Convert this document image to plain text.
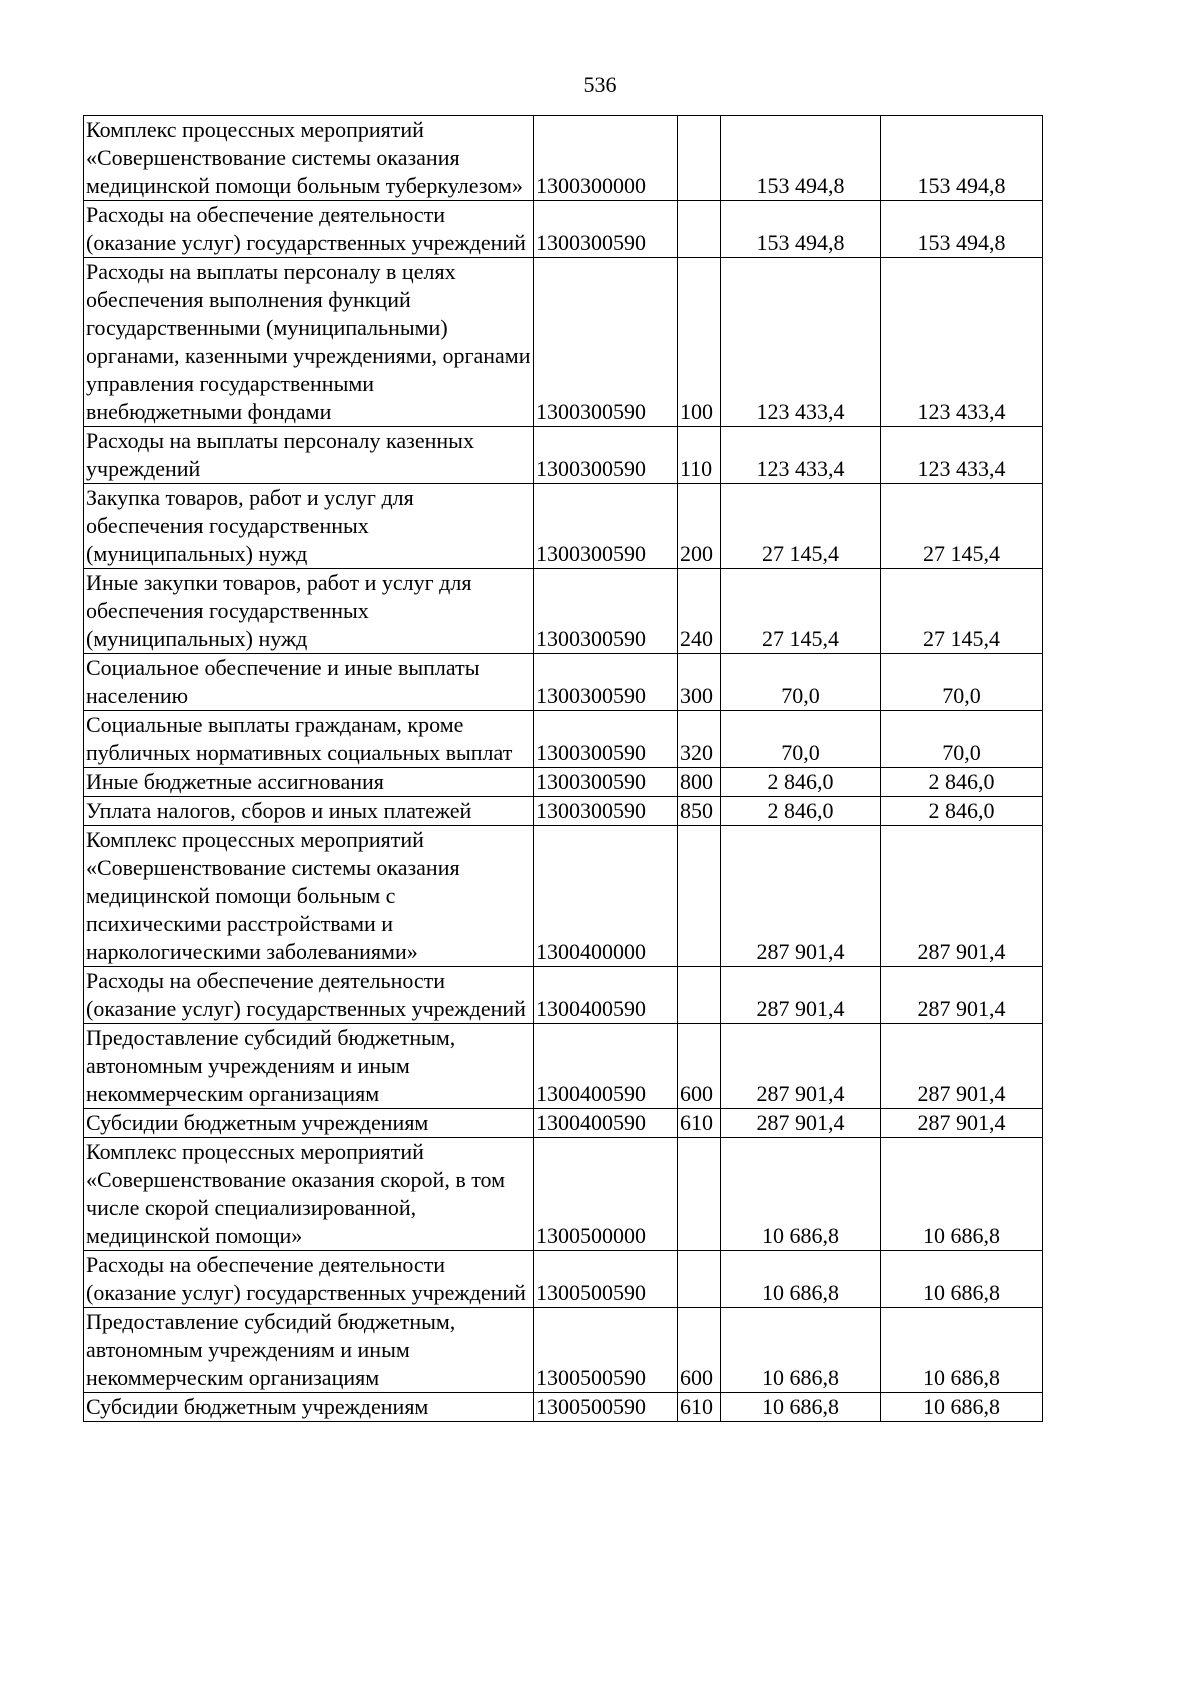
536
Комплекс процессных мероприятий «Совершенствование системы оказания медицинской помощи больным туберкулезом»	1300300000		153 494,8	153 494,8
Расходы на обеспечение деятельности (оказание услуг) государственных учреждений	1300300590		153 494,8	153 494,8
Расходы на выплаты персоналу в целях обеспечения выполнения функций государственными (муниципальными) органами, казенными учреждениями, органами управления государственными внебюджетными фондами	1300300590	100	123 433,4	123 433,4
Расходы на выплаты персоналу казенных учреждений	1300300590	110	123 433,4	123 433,4
Закупка товаров, работ и услуг для обеспечения государственных (муниципальных) нужд	1300300590	200	27 145,4	27 145,4
Иные закупки товаров, работ и услуг для обеспечения государственных (муниципальных) нужд	1300300590	240	27 145,4	27 145,4
Социальное обеспечение и иные выплаты населению	1300300590	300	70,0	70,0
Социальные выплаты гражданам, кроме публичных нормативных социальных выплат	1300300590	320	70,0	70,0
Иные бюджетные ассигнования	1300300590	800	2 846,0	2 846,0
Уплата налогов, сборов и иных платежей	1300300590	850	2 846,0	2 846,0
Комплекс процессных мероприятий «Совершенствование системы оказания медицинской помощи больным с психическими расстройствами и наркологическими заболеваниями»	1300400000		287 901,4	287 901,4
Расходы на обеспечение деятельности (оказание услуг) государственных учреждений	1300400590		287 901,4	287 901,4
Предоставление субсидий бюджетным, автономным учреждениям и иным некоммерческим организациям	1300400590	600	287 901,4	287 901,4
Субсидии бюджетным учреждениям	1300400590	610	287 901,4	287 901,4
Комплекс процессных мероприятий «Совершенствование оказания скорой, в том числе скорой специализированной, медицинской помощи»	1300500000		10 686,8	10 686,8
Расходы на обеспечение деятельности (оказание услуг) государственных учреждений	1300500590		10 686,8	10 686,8
Предоставление субсидий бюджетным, автономным учреждениям и иным некоммерческим организациям	1300500590	600	10 686,8	10 686,8
Субсидии бюджетным учреждениям	1300500590	610	10 686,8	10 686,8
